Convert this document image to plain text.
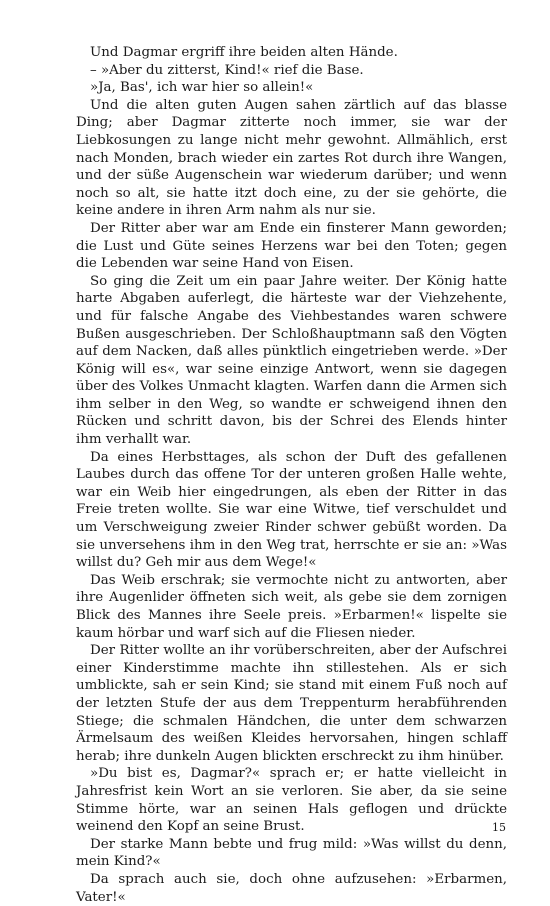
Und Dagmar ergriff ihre beiden alten Hände.

– »Aber du zitterst, Kind!« rief die Base.

»Ja, Bas', ich war hier so allein!«

Und die alten guten Augen sahen zärtlich auf das blasse Ding; aber Dagmar zitterte noch immer, sie war der Liebkosungen zu lange nicht mehr gewohnt. Allmählich, erst nach Monden, brach wieder ein zartes Rot durch ihre Wangen, und der süße Augenschein war wiederum darüber; und wenn noch so alt, sie hatte itzt doch eine, zu der sie gehörte, die keine andere in ihren Arm nahm als nur sie.

Der Ritter aber war am Ende ein finsterer Mann geworden; die Lust und Güte seines Herzens war bei den Toten; gegen die Lebenden war seine Hand von Eisen.

So ging die Zeit um ein paar Jahre weiter. Der König hatte harte Abgaben auferlegt, die härteste war der Viehzehente, und für falsche Angabe des Viehbestandes waren schwere Bußen ausgeschrieben. Der Schloßhauptmann saß den Vögten auf dem Nacken, daß alles pünktlich eingetrieben werde. »Der König will es«, war seine einzige Antwort, wenn sie dagegen über des Volkes Unmacht klagten. Warfen dann die Armen sich ihm selber in den Weg, so wandte er schweigend ihnen den Rücken und schritt davon, bis der Schrei des Elends hinter ihm verhallt war.

Da eines Herbsttages, als schon der Duft des gefallenen Laubes durch das offene Tor der unteren großen Halle wehte, war ein Weib hier eingedrungen, als eben der Ritter in das Freie treten wollte. Sie war eine Witwe, tief verschuldet und um Verschweigung zweier Rinder schwer gebüßt worden. Da sie unversehens ihm in den Weg trat, herrschte er sie an: »Was willst du? Geh mir aus dem Wege!«

Das Weib erschrak; sie vermochte nicht zu antworten, aber ihre Augenlider öffneten sich weit, als gebe sie dem zornigen Blick des Mannes ihre Seele preis. »Erbarmen!« lispelte sie kaum hörbar und warf sich auf die Fliesen nieder.

Der Ritter wollte an ihr vorüberschreiten, aber der Aufschrei einer Kinderstimme machte ihn stillestehen. Als er sich umblickte, sah er sein Kind; sie stand mit einem Fuß noch auf der letzten Stufe der aus dem Treppenturm herabführenden Stiege; die schmalen Händchen, die unter dem schwarzen Ärmelsaum des weißen Kleides hervorsahen, hingen schlaff herab; ihre dunkeln Augen blickten erschreckt zu ihm hinüber.

»Du bist es, Dagmar?« sprach er; er hatte vielleicht in Jahresfrist kein Wort an sie verloren. Sie aber, da sie seine Stimme hörte, war an seinen Hals geflogen und drückte weinend den Kopf an seine Brust.

Der starke Mann bebte und frug mild: »Was willst du denn, mein Kind?«

Da sprach auch sie, doch ohne aufzusehen: »Erbarmen, Vater!«

15
